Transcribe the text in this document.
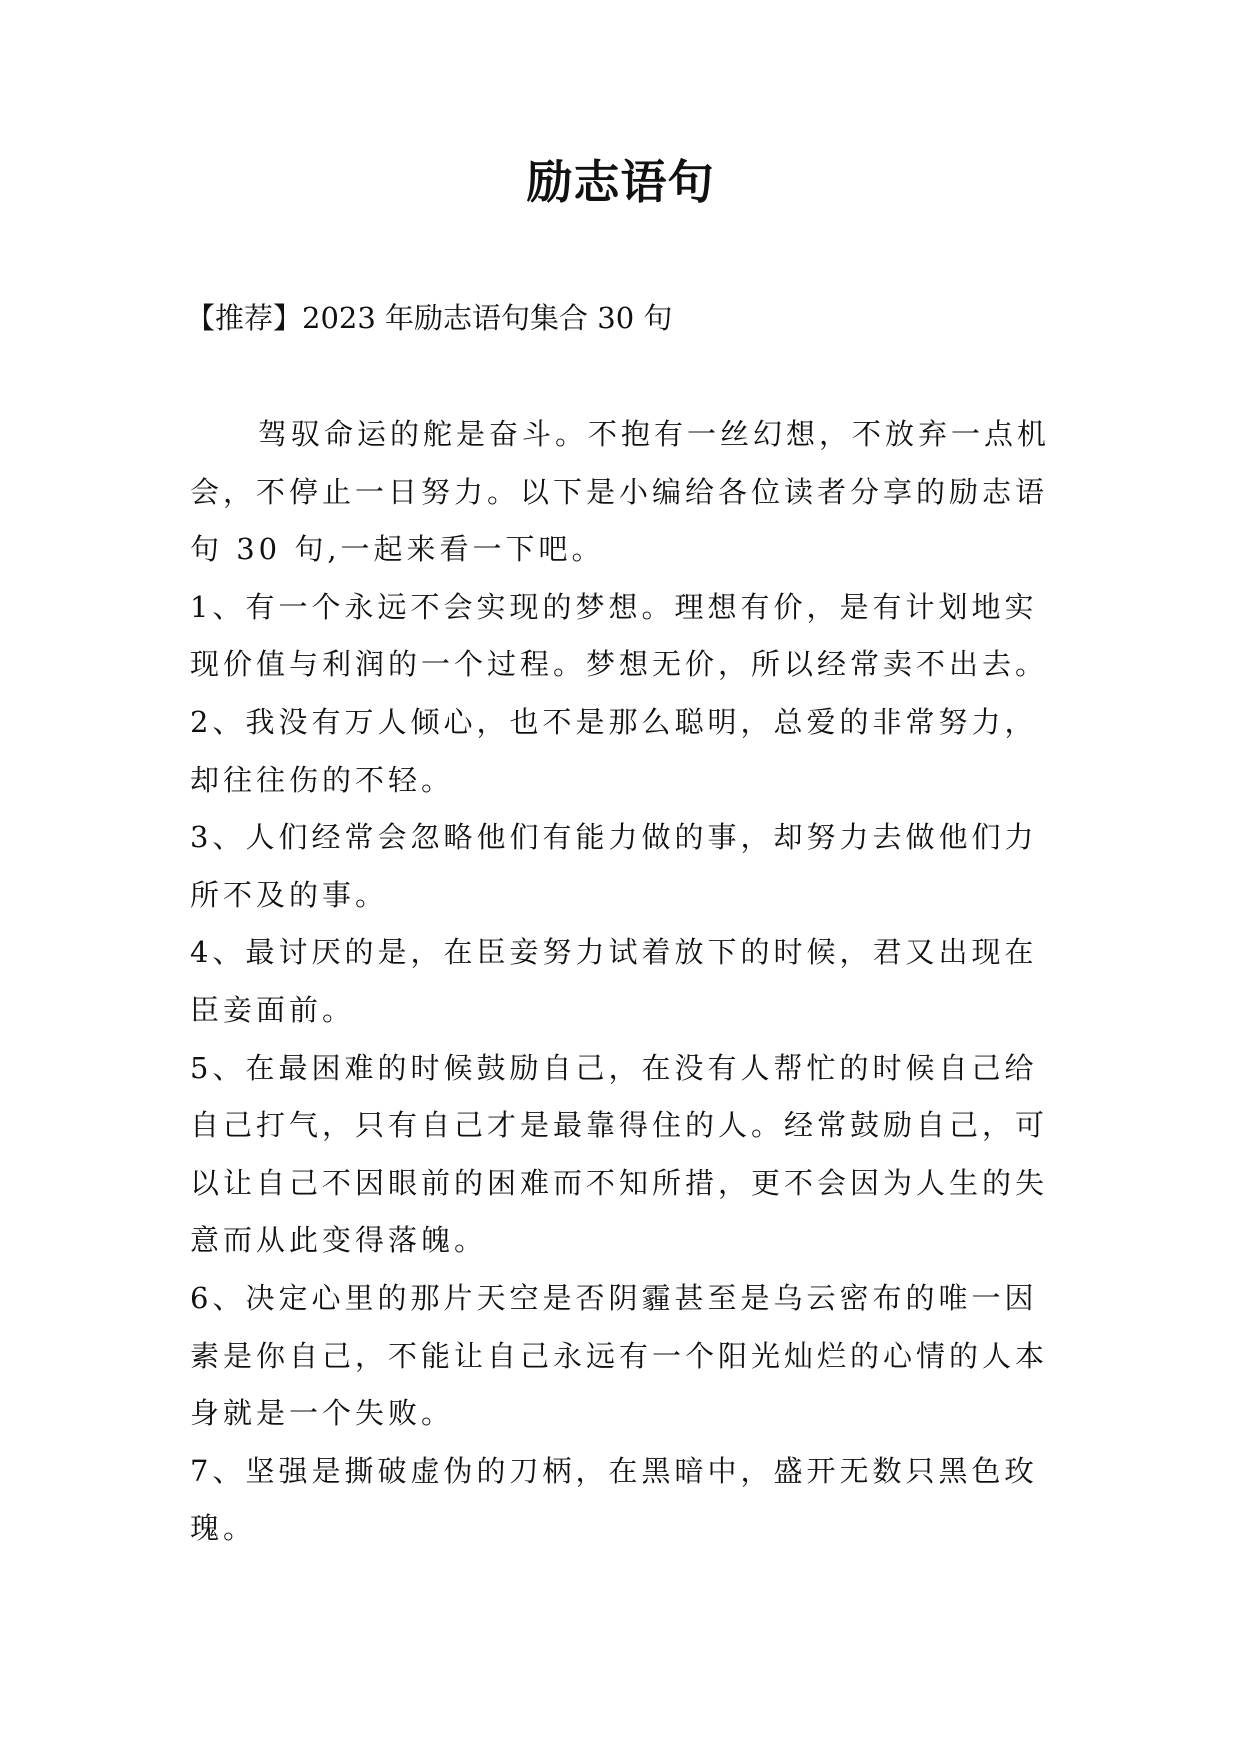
励志语句

【推荐】2023 年励志语句集合 30 句

驾驭命运的舵是奋斗。不抱有一丝幻想，不放弃一点机会，不停止一日努力。以下是小编给各位读者分享的励志语句 30 句,一起来看一下吧。

1、有一个永远不会实现的梦想。理想有价，是有计划地实现价值与利润的一个过程。梦想无价，所以经常卖不出去。

2、我没有万人倾心，也不是那么聪明，总爱的非常努力，却往往伤的不轻。

3、人们经常会忽略他们有能力做的事，却努力去做他们力所不及的事。

4、最讨厌的是，在臣妾努力试着放下的时候，君又出现在臣妾面前。

5、在最困难的时候鼓励自己，在没有人帮忙的时候自己给自己打气，只有自己才是最靠得住的人。经常鼓励自己，可以让自己不因眼前的困难而不知所措，更不会因为人生的失意而从此变得落魄。

6、决定心里的那片天空是否阴霾甚至是乌云密布的唯一因素是你自己，不能让自己永远有一个阳光灿烂的心情的人本身就是一个失败。

7、坚强是撕破虚伪的刀柄，在黑暗中，盛开无数只黑色玫瑰。
